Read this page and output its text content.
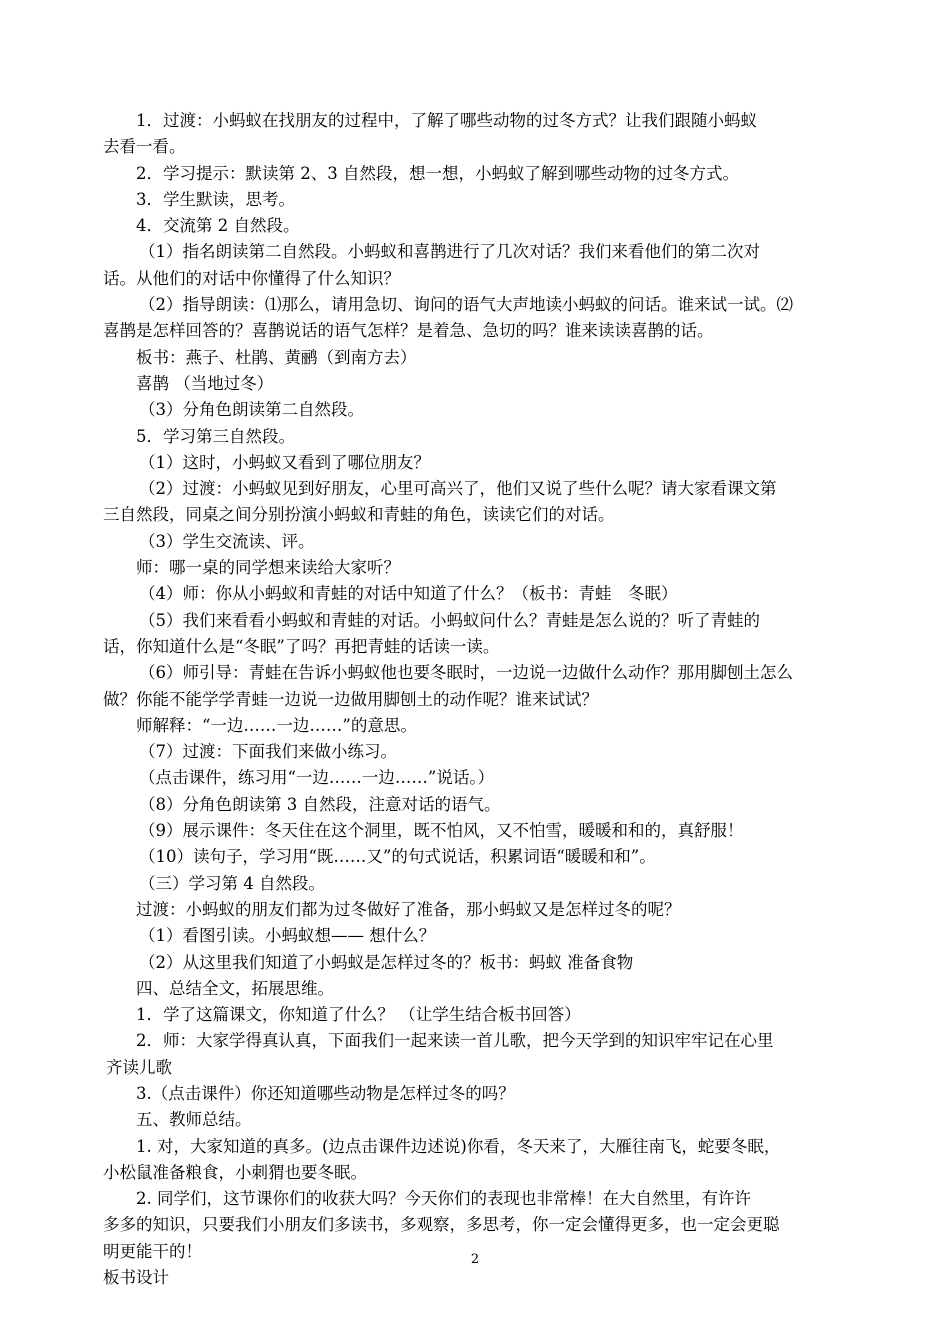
1．过渡：小蚂蚁在找朋友的过程中，了解了哪些动物的过冬方式？让我们跟随小蚂蚁
去看一看。
2．学习提示：默读第 2、3 自然段，想一想，小蚂蚁了解到哪些动物的过冬方式。
3．学生默读，思考。
4．交流第 2 自然段。
（1）指名朗读第二自然段。小蚂蚁和喜鹊进行了几次对话？我们来看他们的第二次对
话。从他们的对话中你懂得了什么知识？
（2）指导朗读：⑴那么，请用急切、询问的语气大声地读小蚂蚁的问话。谁来试一试。⑵
喜鹊是怎样回答的？喜鹊说话的语气怎样？是着急、急切的吗？谁来读读喜鹊的话。
板书：燕子、杜鹃、黄鹂（到南方去）
喜鹊 （当地过冬）
（3）分角色朗读第二自然段。
5．学习第三自然段。
（1）这时，小蚂蚁又看到了哪位朋友？
（2）过渡：小蚂蚁见到好朋友，心里可高兴了，他们又说了些什么呢？请大家看课文第
三自然段，同桌之间分别扮演小蚂蚁和青蛙的角色，读读它们的对话。
（3）学生交流读、评。
师：哪一桌的同学想来读给大家听？
（4）师：你从小蚂蚁和青蛙的对话中知道了什么？（板书：青蛙　冬眠）
（5）我们来看看小蚂蚁和青蛙的对话。小蚂蚁问什么？青蛙是怎么说的？听了青蛙的
话，你知道什么是“冬眠”了吗？再把青蛙的话读一读。
（6）师引导：青蛙在告诉小蚂蚁他也要冬眠时，一边说一边做什么动作？那用脚刨土怎么
做？你能不能学学青蛙一边说一边做用脚刨土的动作呢？谁来试试？
师解释：“一边……一边……”的意思。
（7）过渡：下面我们来做小练习。
（点击课件，练习用“一边……一边……”说话。）
（8）分角色朗读第 3 自然段，注意对话的语气。
（9）展示课件：冬天住在这个洞里，既不怕风，又不怕雪，暖暖和和的，真舒服！
（10）读句子，学习用“既……又”的句式说话，积累词语“暖暖和和”。
（三）学习第 4 自然段。
过渡：小蚂蚁的朋友们都为过冬做好了准备，那小蚂蚁又是怎样过冬的呢？
（1）看图引读。小蚂蚁想—— 想什么？
（2）从这里我们知道了小蚂蚁是怎样过冬的？板书：蚂蚁 准备食物
四、总结全文，拓展思维。
1．学了这篇课文，你知道了什么？ （让学生结合板书回答）
2．师：大家学得真认真，下面我们一起来读一首儿歌，把今天学到的知识牢牢记在心里
齐读儿歌
3.（点击课件）你还知道哪些动物是怎样过冬的吗？
五、教师总结。
1. 对，大家知道的真多。(边点击课件边述说)你看，冬天来了，大雁往南飞，蛇要冬眠，
小松鼠准备粮食，小刺猬也要冬眠。
2. 同学们，这节课你们的收获大吗？今天你们的表现也非常棒！在大自然里，有许许
多多的知识，只要我们小朋友们多读书，多观察，多思考，你一定会懂得更多，也一定会更聪
明更能干的！
板书设计
2
